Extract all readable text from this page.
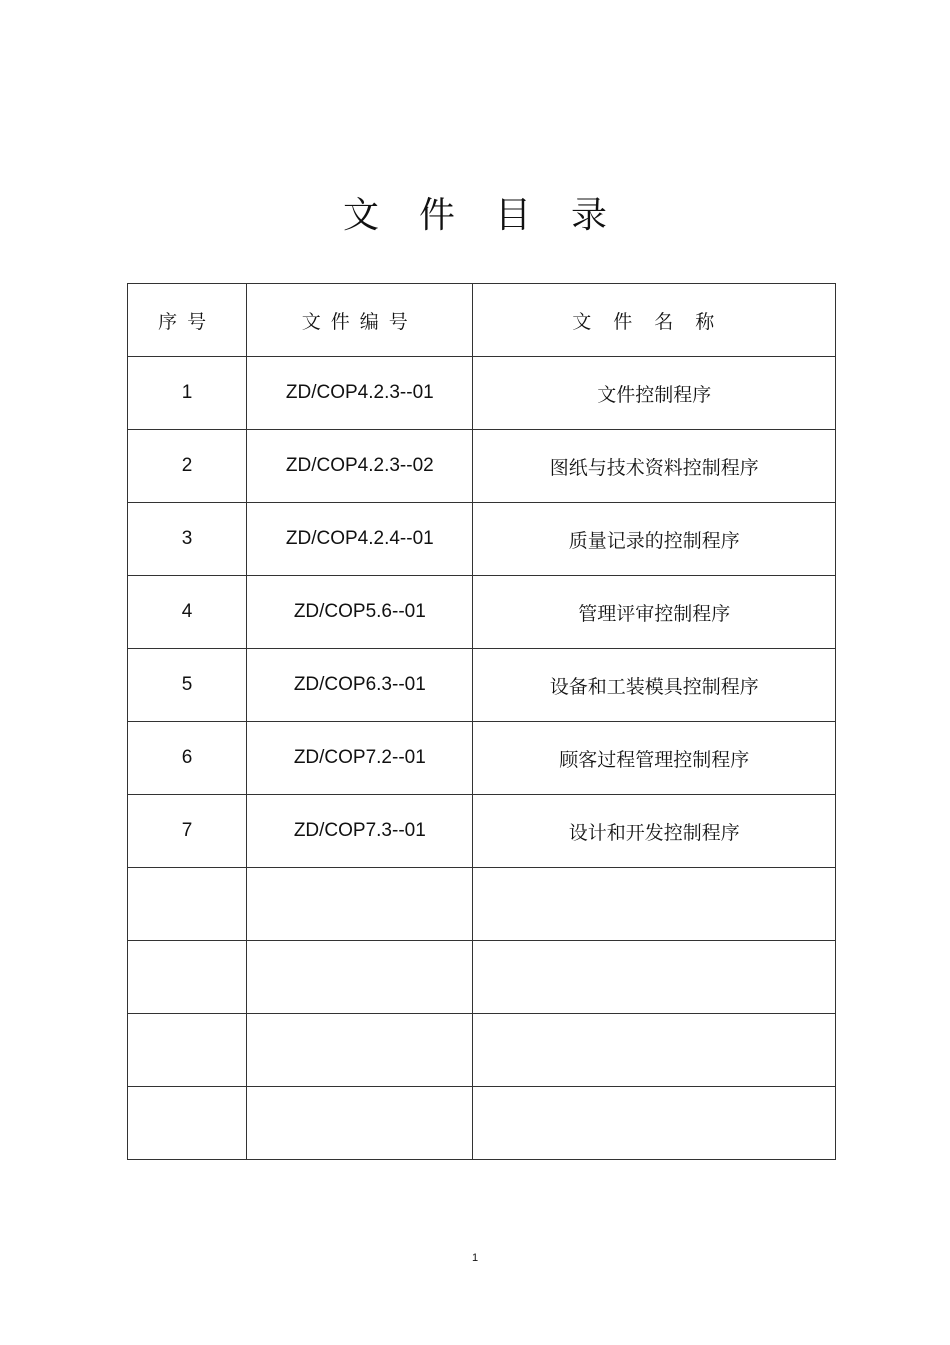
文件目录
序号	文件编号	文件名称
1	ZD/COP4.2.3--01	文件控制程序
2	ZD/COP4.2.3--02	图纸与技术资料控制程序
3	ZD/COP4.2.4--01	质量记录的控制程序
4	ZD/COP5.6--01	管理评审控制程序
5	ZD/COP6.3--01	设备和工装模具控制程序
6	ZD/COP7.2--01	顾客过程管理控制程序
7	ZD/COP7.3--01	设计和开发控制程序

1
